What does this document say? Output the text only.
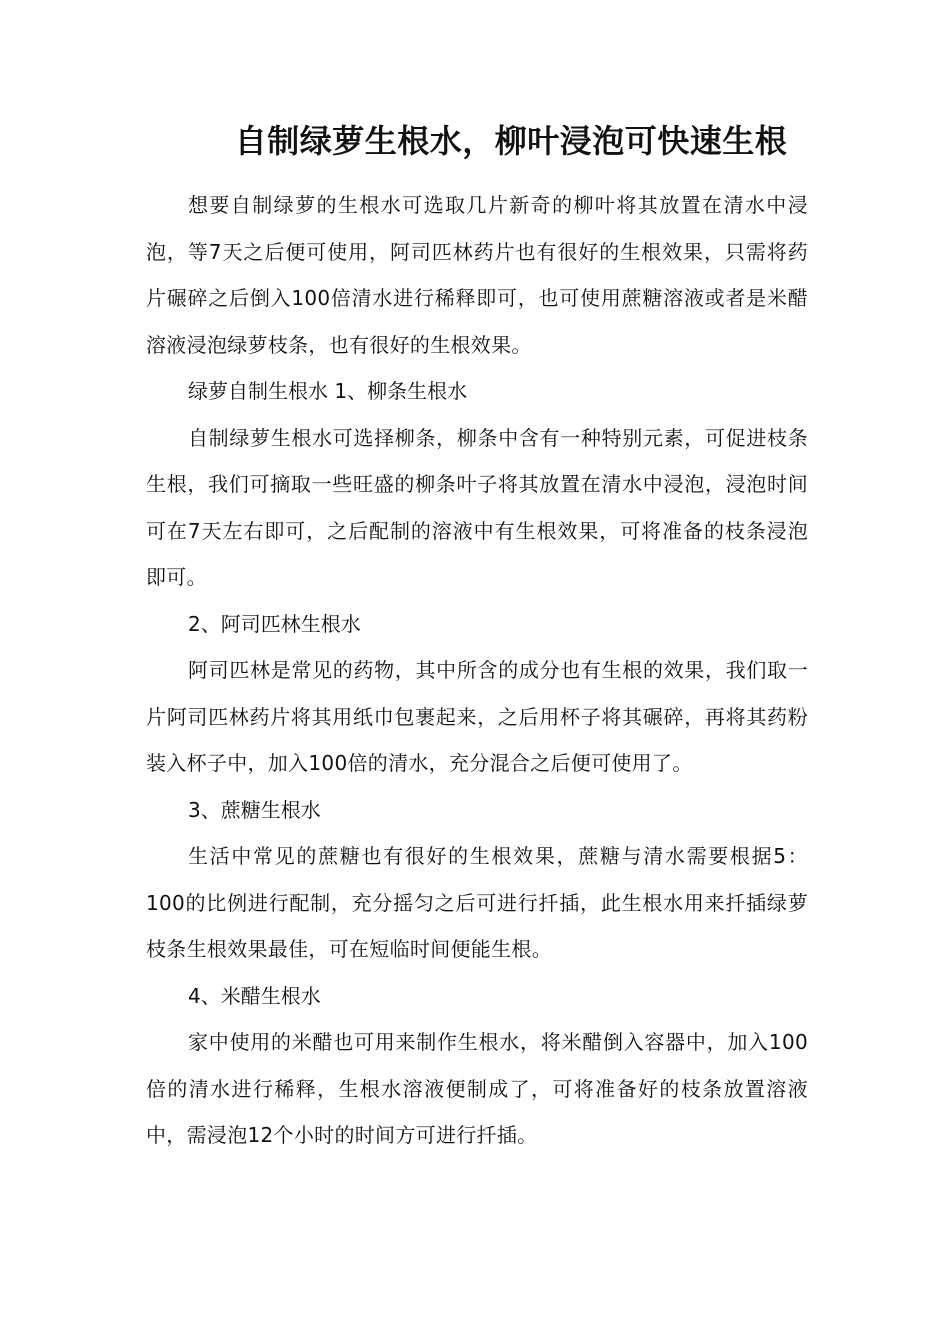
自制绿萝生根水，柳叶浸泡可快速生根

想要自制绿萝的生根水可选取几片新奇的柳叶将其放置在清水中浸泡，等7天之后便可使用，阿司匹林药片也有很好的生根效果，只需将药片碾碎之后倒入100倍清水进行稀释即可，也可使用蔗糖溶液或者是米醋溶液浸泡绿萝枝条，也有很好的生根效果。

绿萝自制生根水 1、柳条生根水

自制绿萝生根水可选择柳条，柳条中含有一种特别元素，可促进枝条生根，我们可摘取一些旺盛的柳条叶子将其放置在清水中浸泡，浸泡时间可在7天左右即可，之后配制的溶液中有生根效果，可将准备的枝条浸泡即可。

2、阿司匹林生根水

阿司匹林是常见的药物，其中所含的成分也有生根的效果，我们取一片阿司匹林药片将其用纸巾包裹起来，之后用杯子将其碾碎，再将其药粉装入杯子中，加入100倍的清水，充分混合之后便可使用了。

3、蔗糖生根水

生活中常见的蔗糖也有很好的生根效果，蔗糖与清水需要根据5：100的比例进行配制，充分摇匀之后可进行扦插，此生根水用来扦插绿萝枝条生根效果最佳，可在短临时间便能生根。

4、米醋生根水

家中使用的米醋也可用来制作生根水，将米醋倒入容器中，加入100倍的清水进行稀释，生根水溶液便制成了，可将准备好的枝条放置溶液中，需浸泡12个小时的时间方可进行扦插。
